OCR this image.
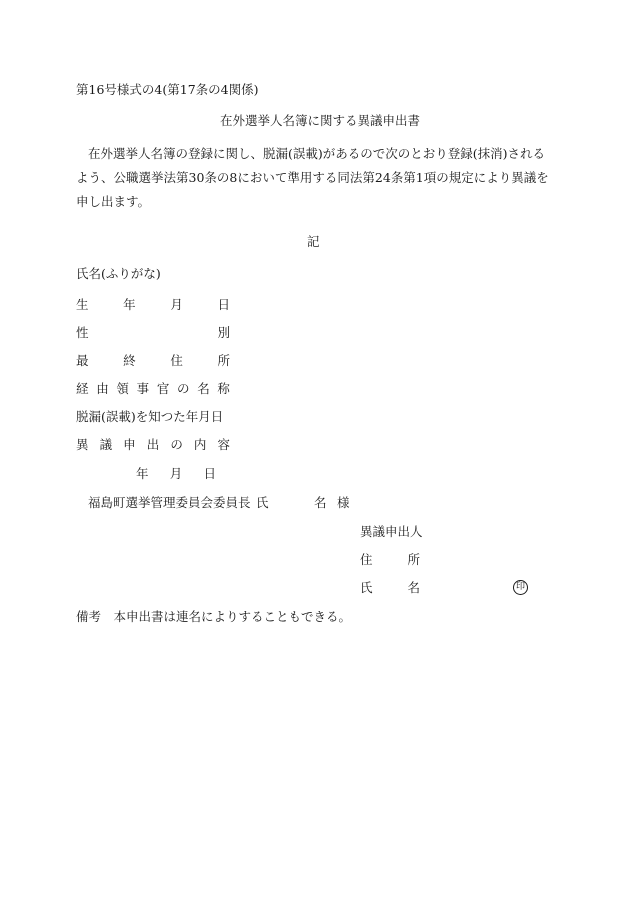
第16号様式の4(第17条の4関係)
在外選挙人名簿に関する異議申出書
在外選挙人名簿の登録に関し、脱漏(誤載)があるので次のとおり登録(抹消)されるよう、公職選挙法第30条の8において準用する同法第24条第1項の規定により異議を申し出ます。
記
氏名(ふりがな)
生	年	月	日
性	別
最	終	住	所
経 由 領 事 官 の 名 称
脱漏(誤載)を知つた年月日
異 議 申 出 の 内 容
年 月 日
福島町選挙管理委員会委員長 氏	名 様
異議申出人
住	所
氏	名	印
備考　本申出書は連名によりすることもできる。
